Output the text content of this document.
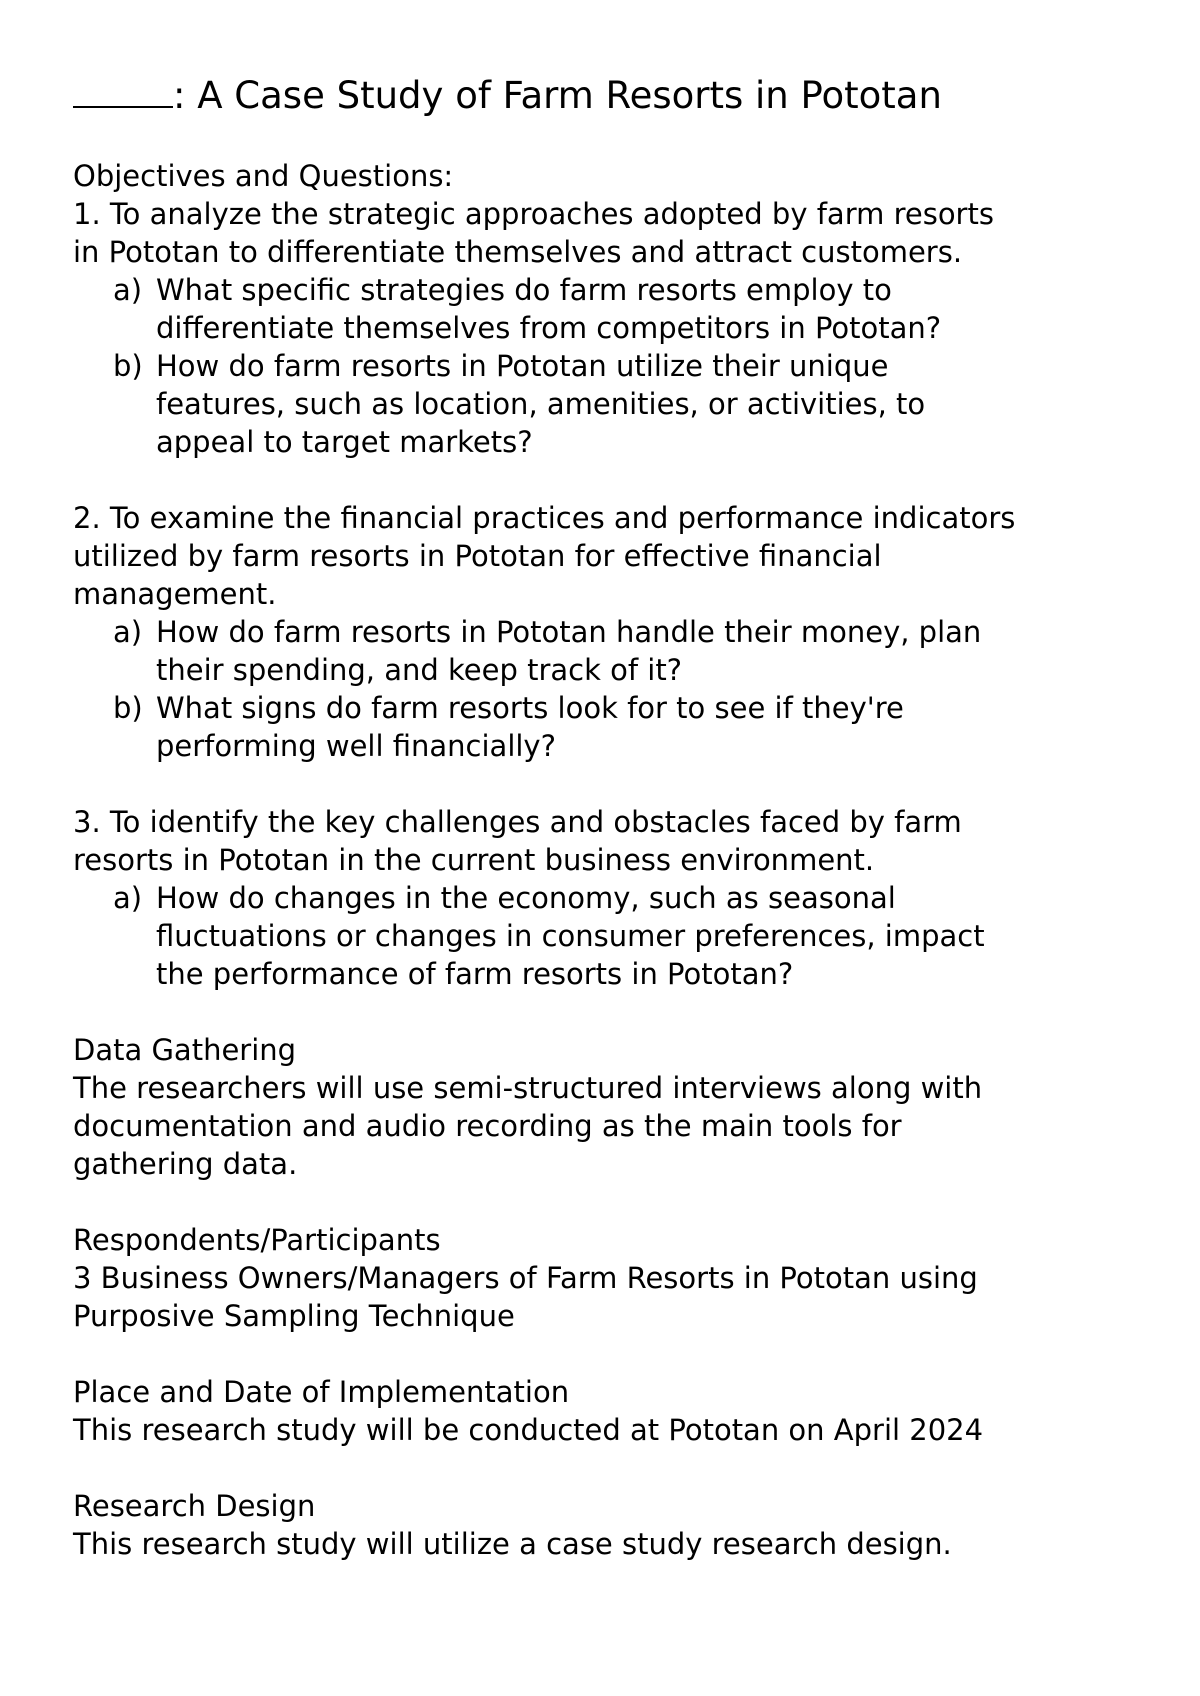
: A Case Study of Farm Resorts in Pototan
Objectives and Questions:
1. To analyze the strategic approaches adopted by farm resorts
in Pototan to differentiate themselves and attract customers.
a) What specific strategies do farm resorts employ to
differentiate themselves from competitors in Pototan?
b) How do farm resorts in Pototan utilize their unique
features, such as location, amenities, or activities, to
appeal to target markets?
2. To examine the financial practices and performance indicators
utilized by farm resorts in Pototan for effective financial
management.
a) How do farm resorts in Pototan handle their money, plan
their spending, and keep track of it?
b) What signs do farm resorts look for to see if they're
performing well financially?
3. To identify the key challenges and obstacles faced by farm
resorts in Pototan in the current business environment.
a) How do changes in the economy, such as seasonal
fluctuations or changes in consumer preferences, impact
the performance of farm resorts in Pototan?
Data Gathering
The researchers will use semi-structured interviews along with
documentation and audio recording as the main tools for
gathering data.
Respondents/Participants
3 Business Owners/Managers of Farm Resorts in Pototan using
Purposive Sampling Technique
Place and Date of Implementation
This research study will be conducted at Pototan on April 2024
Research Design
This research study will utilize a case study research design.
